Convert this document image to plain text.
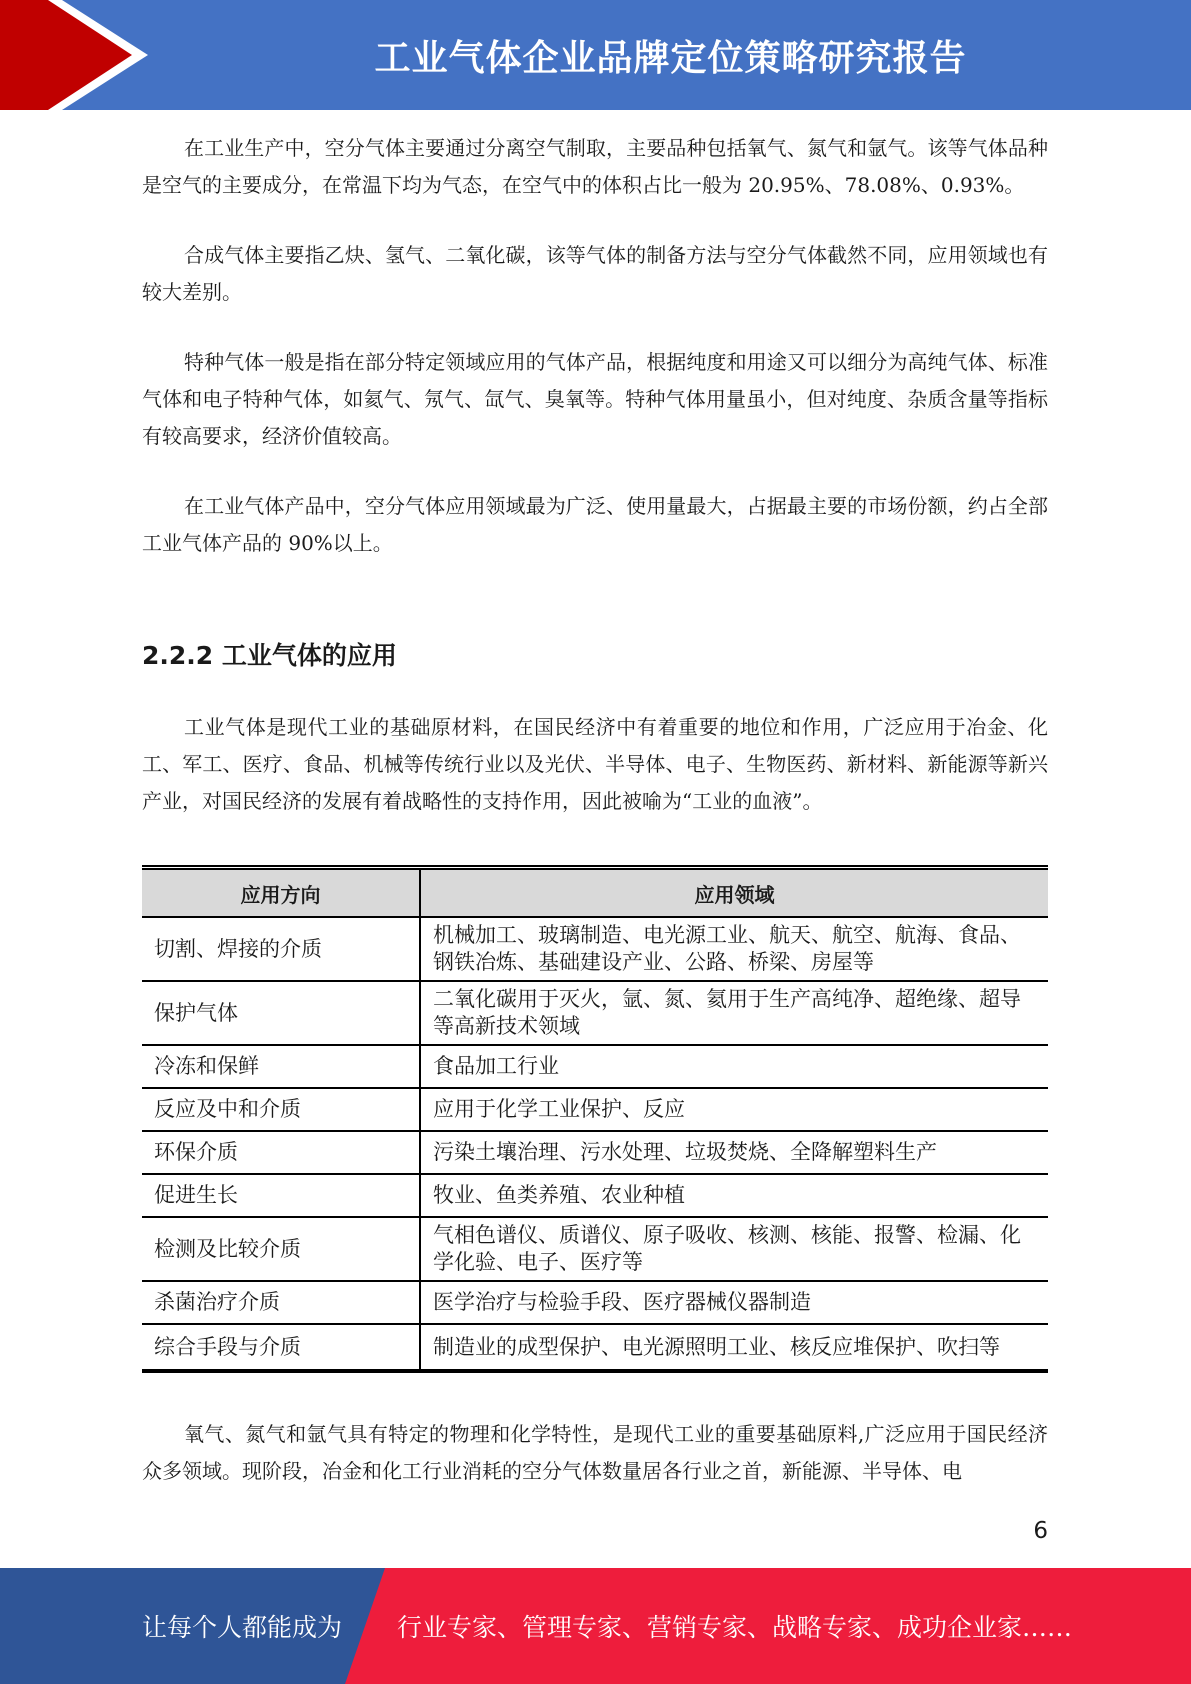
工业气体企业品牌定位策略研究报告

在工业生产中，空分气体主要通过分离空气制取，主要品种包括氧气、氮气和氩气。该等气体品种是空气的主要成分，在常温下均为气态，在空气中的体积占比一般为 20.95%、78.08%、0.93%。

合成气体主要指乙炔、氢气、二氧化碳，该等气体的制备方法与空分气体截然不同，应用领域也有较大差别。

特种气体一般是指在部分特定领域应用的气体产品，根据纯度和用途又可以细分为高纯气体、标准气体和电子特种气体，如氦气、氖气、氙气、臭氧等。特种气体用量虽小，但对纯度、杂质含量等指标有较高要求，经济价值较高。

在工业气体产品中，空分气体应用领域最为广泛、使用量最大，占据最主要的市场份额，约占全部工业气体产品的 90%以上。

2.2.2 工业气体的应用

工业气体是现代工业的基础原材料，在国民经济中有着重要的地位和作用，广泛应用于冶金、化工、军工、医疗、食品、机械等传统行业以及光伏、半导体、电子、生物医药、新材料、新能源等新兴产业，对国民经济的发展有着战略性的支持作用，因此被喻为“工业的血液”。

应用方向	应用领域
切割、焊接的介质	机械加工、玻璃制造、电光源工业、航天、航空、航海、食品、钢铁冶炼、基础建设产业、公路、桥梁、房屋等
保护气体	二氧化碳用于灭火，氩、氮、氦用于生产高纯净、超绝缘、超导等高新技术领域
冷冻和保鲜	食品加工行业
反应及中和介质	应用于化学工业保护、反应
环保介质	污染土壤治理、污水处理、垃圾焚烧、全降解塑料生产
促进生长	牧业、鱼类养殖、农业种植
检测及比较介质	气相色谱仪、质谱仪、原子吸收、核测、核能、报警、检漏、化学化验、电子、医疗等
杀菌治疗介质	医学治疗与检验手段、医疗器械仪器制造
综合手段与介质	制造业的成型保护、电光源照明工业、核反应堆保护、吹扫等

氧气、氮气和氩气具有特定的物理和化学特性，是现代工业的重要基础原料,广泛应用于国民经济众多领域。现阶段，冶金和化工行业消耗的空分气体数量居各行业之首，新能源、半导体、电

6
让每个人都能成为 行业专家、管理专家、营销专家、战略专家、成功企业家……
